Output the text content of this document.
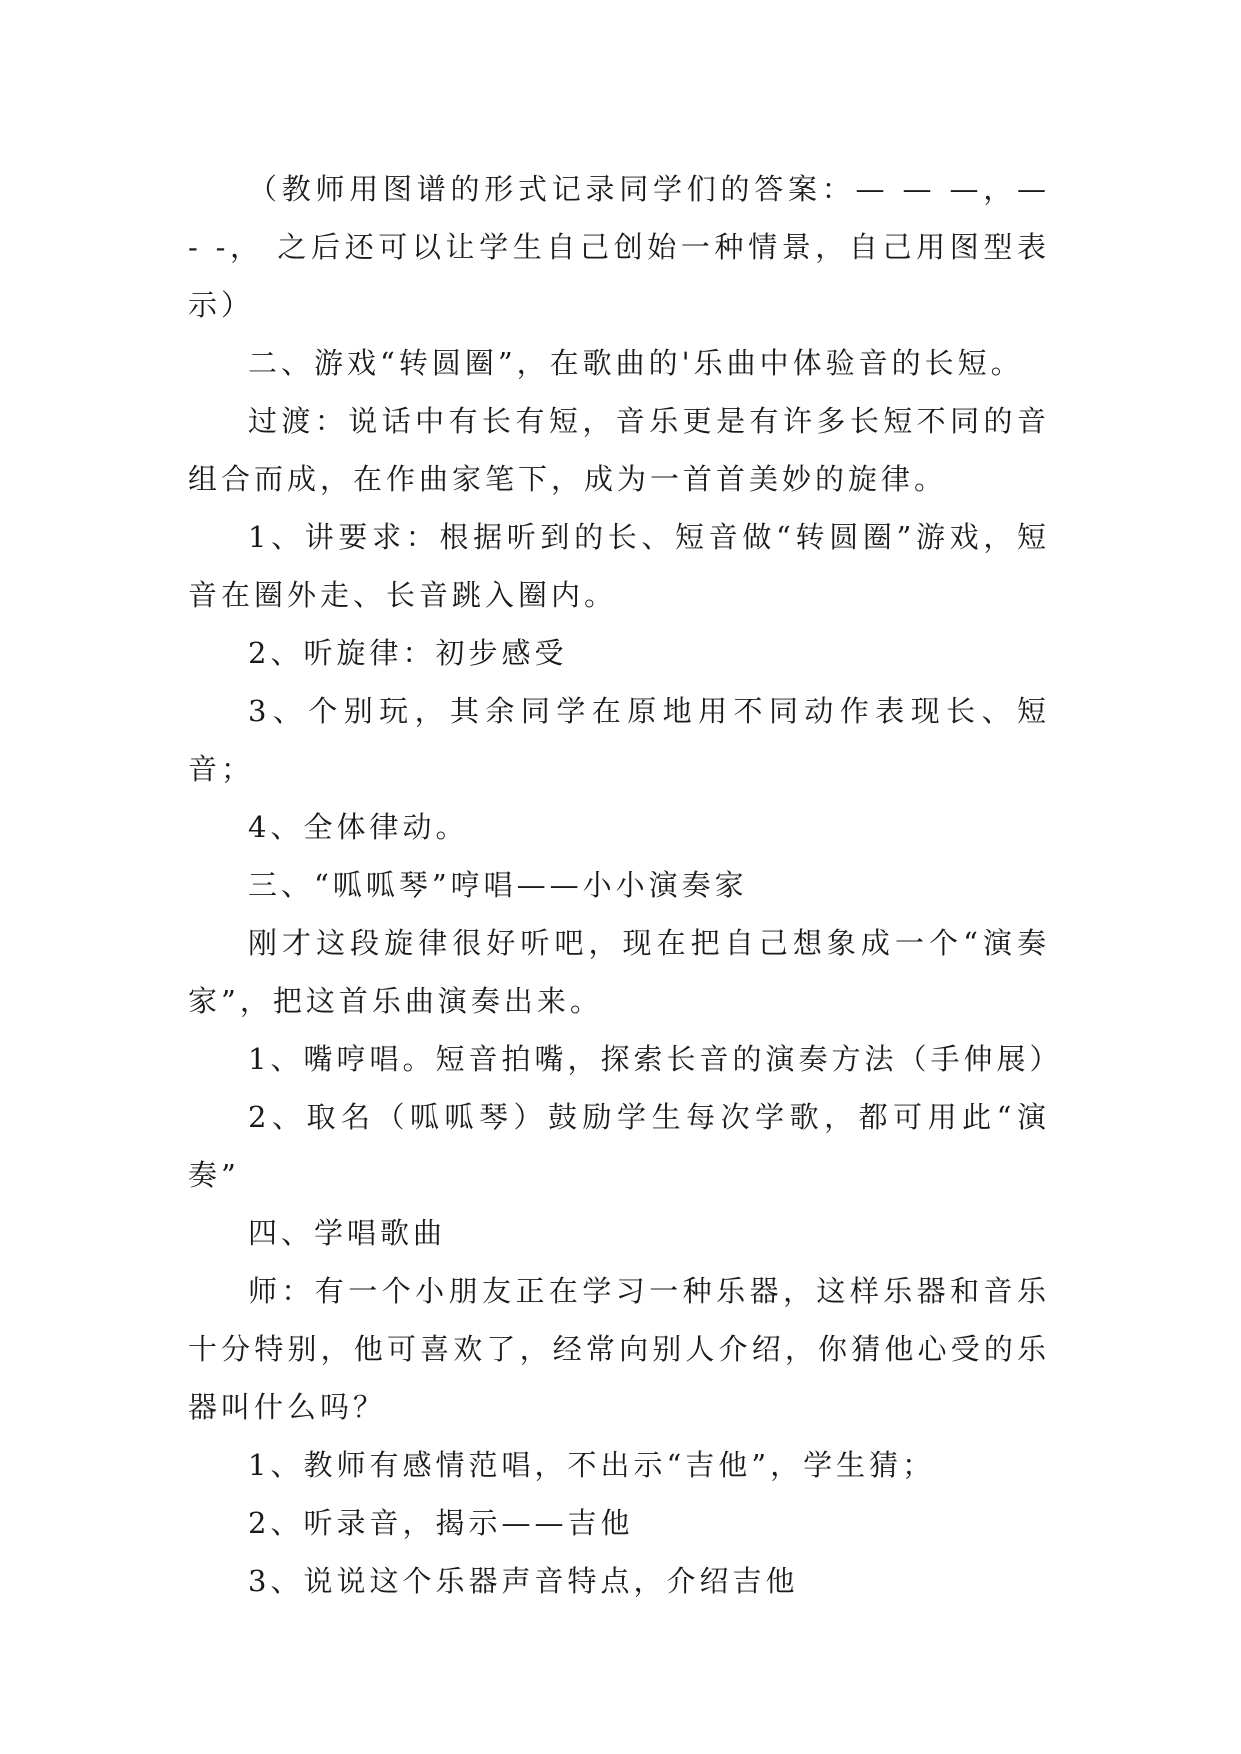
（教师用图谱的形式记录同学们的答案：— — —，— - -， 之后还可以让学生自己创始一种情景，自己用图型表示）

二、游戏“转圆圈”，在歌曲的'乐曲中体验音的长短。

过渡：说话中有长有短，音乐更是有许多长短不同的音组合而成，在作曲家笔下，成为一首首美妙的旋律。

1、讲要求：根据听到的长、短音做“转圆圈”游戏，短音在圈外走、长音跳入圈内。

2、听旋律：初步感受

3、个别玩，其余同学在原地用不同动作表现长、短音；

4、全体律动。

三、“呱呱琴”哼唱——小小演奏家

刚才这段旋律很好听吧，现在把自己想象成一个“演奏家”，把这首乐曲演奏出来。

1、嘴哼唱。短音拍嘴，探索长音的演奏方法（手伸展）

2、取名（呱呱琴）鼓励学生每次学歌，都可用此“演奏”

四、学唱歌曲

师：有一个小朋友正在学习一种乐器，这样乐器和音乐十分特别，他可喜欢了，经常向别人介绍，你猜他心受的乐器叫什么吗？

1、教师有感情范唱，不出示“吉他”，学生猜；

2、听录音，揭示——吉他

3、说说这个乐器声音特点，介绍吉他
